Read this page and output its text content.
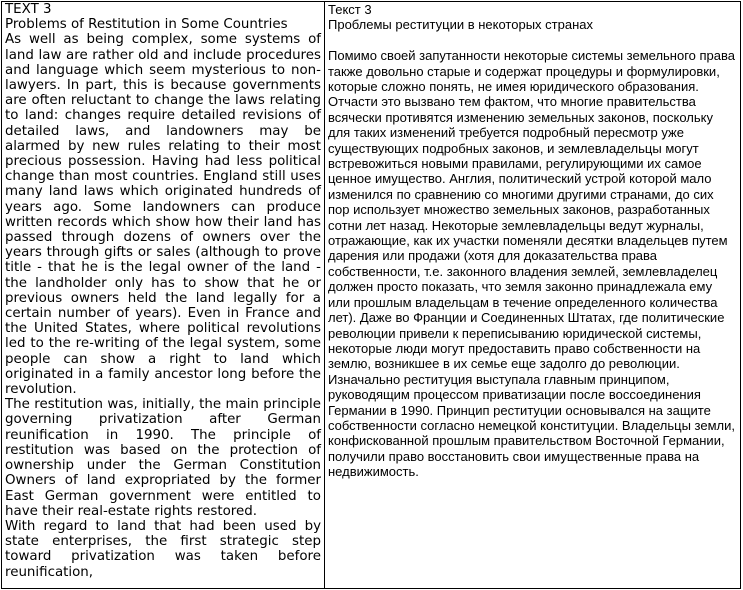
TEXT 3

Problems of Restitution in Some Countries

As well as being complex, some systems of land law are rather old and include procedures and language which seem mysterious to non-lawyers. In part, this is because governments are often reluctant to change the laws relating to land: changes require detailed revisions of detailed laws, and landowners may be alarmed by new rules relating to their most precious possession. Having had less political change than most countries. England still uses many land laws which originated hundreds of years ago. Some landowners can produce written records which show how their land has passed through dozens of owners over the years through gifts or sales (although to prove title - that he is the legal owner of the land - the landholder only has to show that he or previous owners held the land legally for a certain number of years). Even in France and the United States, where political revolutions led to the re-writing of the legal system, some people can show a right to land which originated in a family ancestor long before the revolution.

The restitution was, initially, the main principle governing privatization after German reunification in 1990. The principle of restitution was based on the protection of ownership under the German Constitution Owners of land expropriated by the former East German government were entitled to have their real-estate rights restored.

With regard to land that had been used by state enterprises, the first strategic step toward privatization was taken before reunification,

Текст 3

Проблемы реституции в некоторых странах

Помимо своей запутанности некоторые системы земельного права также довольно старые и содержат процедуры и формулировки, которые сложно понять, не имея юридического образования. Отчасти это вызвано тем фактом, что многие правительства всячески противятся изменению земельных законов, поскольку для таких изменений требуется подробный пересмотр уже существующих подробных законов, и землевладельцы могут встревожиться новыми правилами, регулирующими их самое ценное имущество. Англия, политический устрой которой мало изменился по сравнению со многими другими странами, до сих пор использует множество земельных законов, разработанных сотни лет назад. Некоторые землевладельцы ведут журналы, отражающие, как их участки поменяли десятки владельцев путем дарения или продажи (хотя для доказательства права собственности, т.е. законного владения землей, землевладелец должен просто показать, что земля законно принадлежала ему или прошлым владельцам в течение определенного количества лет). Даже во Франции и Соединенных Штатах, где политические революции привели к переписыванию юридической системы, некоторые люди могут предоставить право собственности на землю, возникшее в их семье еще задолго до революции.

Изначально реституция выступала главным принципом, руководящим процессом приватизации после воссоединения Германии в 1990. Принцип реституции основывался на защите собственности согласно немецкой конституции. Владельцы земли, конфискованной прошлым правительством Восточной Германии, получили право восстановить свои имущественные права на недвижимость.
